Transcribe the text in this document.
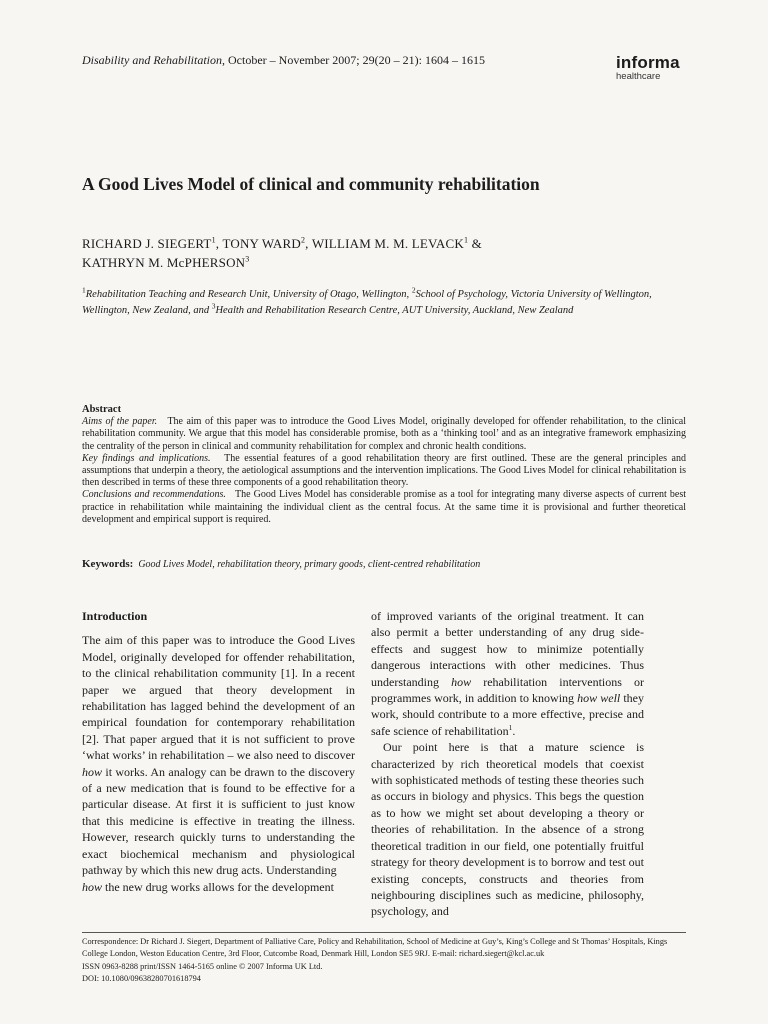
Disability and Rehabilitation, October – November 2007; 29(20 – 21): 1604 – 1615	informa
healthcare
A Good Lives Model of clinical and community rehabilitation
RICHARD J. SIEGERT$^1$, TONY WARD$^2$, WILLIAM M. M. LEVACK$^1$ &
KATHRYN M. McPHERSON$^3$
$^1$Rehabilitation Teaching and Research Unit, University of Otago, Wellington, $^2$School of Psychology, Victoria University of Wellington, Wellington, New Zealand, and $^3$Health and Rehabilitation Research Centre, AUT University, Auckland, New Zealand
Abstract

Aims of the paper. The aim of this paper was to introduce the Good Lives Model, originally developed for offender rehabilitation, to the clinical rehabilitation community. We argue that this model has considerable promise, both as a ‘thinking tool’ and as an integrative framework emphasizing the centrality of the person in clinical and community rehabilitation for complex and chronic health conditions.

Key findings and implications. The essential features of a good rehabilitation theory are first outlined. These are the general principles and assumptions that underpin a theory, the aetiological assumptions and the intervention implications. The Good Lives Model for clinical rehabilitation is then described in terms of these three components of a good rehabilitation theory.

Conclusions and recommendations. The Good Lives Model has considerable promise as a tool for integrating many diverse aspects of current best practice in rehabilitation while maintaining the individual client as the central focus. At the same time it is provisional and further theoretical development and empirical support is required.

Keywords: Good Lives Model, rehabilitation theory, primary goods, client-centred rehabilitation
Introduction

The aim of this paper was to introduce the Good Lives Model, originally developed for offender rehabilitation, to the clinical rehabilitation community [1]. In a recent paper we argued that theory development in rehabilitation has lagged behind the development of an empirical foundation for contemporary rehabilitation [2]. That paper argued that it is not sufficient to prove ‘what works’ in rehabilitation – we also need to discover how it works. An analogy can be drawn to the discovery of a new medication that is found to be effective for a particular disease. At first it is sufficient to just know that this medicine is effective in treating the illness. However, research quickly turns to understanding the exact biochemical mechanism and physiological pathway by which this new drug acts. Understanding
how the new drug works allows for the development

of improved variants of the original treatment. It can also permit a better understanding of any drug side-effects and suggest how to minimize potentially dangerous interactions with other medicines. Thus understanding how rehabilitation interventions or programmes work, in addition to knowing how well they work, should contribute to a more effective, precise and safe science of rehabilitation$^1$.

Our point here is that a mature science is characterized by rich theoretical models that coexist with sophisticated methods of testing these theories such as occurs in biology and physics. This begs the question as to how we might set about developing a theory or theories of rehabilitation. In the absence of a strong theoretical tradition in our field, one potentially fruitful strategy for theory development is to borrow and test out existing concepts, constructs and theories from neighbouring disciplines such as medicine, philosophy, psychology, and

Correspondence: Dr Richard J. Siegert, Department of Palliative Care, Policy and Rehabilitation, School of Medicine at Guy’s, King’s College and St Thomas’ Hospitals, Kings College London, Weston Education Centre, 3rd Floor, Cutcombe Road, Denmark Hill, London SE5 9RJ. E-mail: richard.siegert@kcl.ac.uk

ISSN 0963-8288 print/ISSN 1464-5165 online © 2007 Informa UK Ltd.

DOI: 10.1080/09638280701618794
